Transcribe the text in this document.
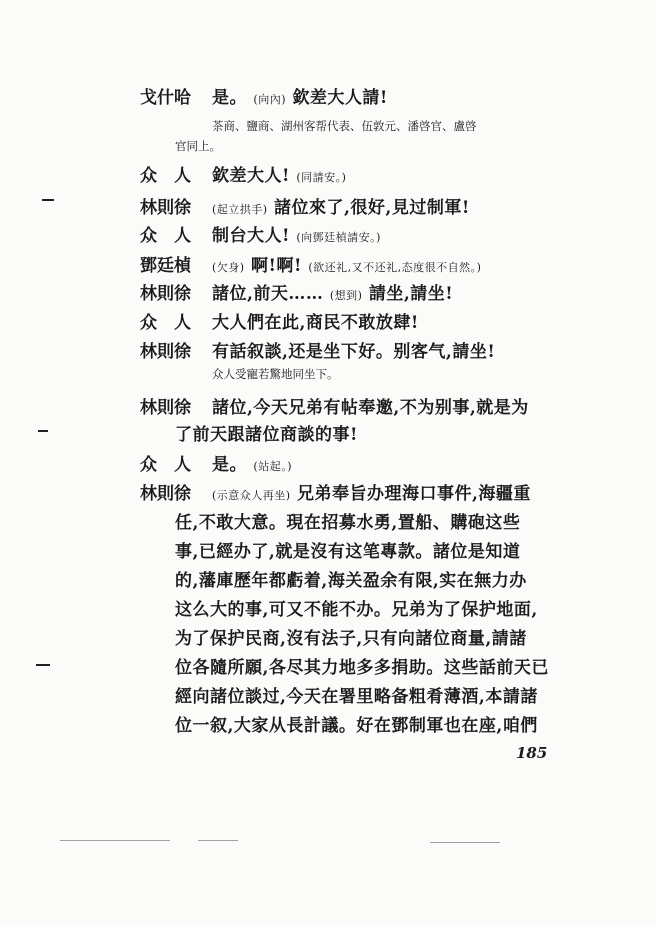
戈什哈 是。 (向內) 欽差大人請!
茶商、鹽商、湖州客帮代表、伍敦元、潘啓官、盧啓
官同上。
众　人 欽差大人! (同請安。)
林則徐 (起立拱手) 諸位來了,很好,見过制軍!
众　人 制台大人! (向鄧廷楨請安。)
鄧廷楨 (欠身) 啊!啊! (欲还礼,又不还礼,态度很不自然。)
林則徐 諸位,前天…… (想到) 請坐,請坐!
众　人 大人們在此,商民不敢放肆!
林則徐 有話叙談,还是坐下好。别客气,請坐!
众人受寵若驚地同坐下。
林則徐 諸位,今天兄弟有帖奉邀,不为别事,就是为
了前天跟諸位商談的事!
众　人 是。 (站起。)
林則徐 (示意众人再坐) 兄弟奉旨办理海口事件,海疆重
任,不敢大意。現在招募水勇,置船、購砲这些
事,已經办了,就是沒有这笔專款。諸位是知道
的,藩庫歷年都虧着,海关盈余有限,实在無力办
这么大的事,可又不能不办。兄弟为了保护地面,
为了保护民商,沒有法子,只有向諸位商量,請諸
位各隨所願,各尽其力地多多捐助。这些話前天已
經向諸位談过,今天在署里略备粗肴薄酒,本請諸
位一叙,大家从長計議。好在鄧制軍也在座,咱們
185
